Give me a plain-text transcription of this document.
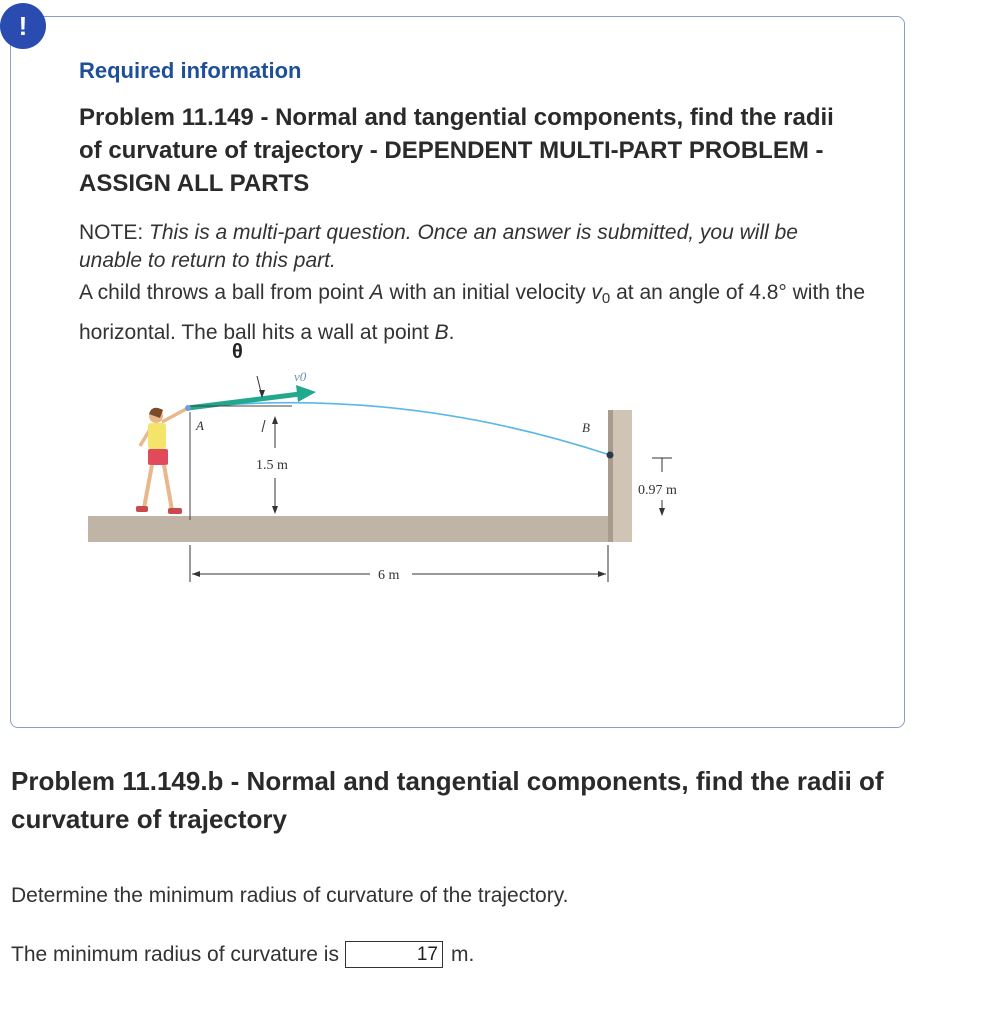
!
Required information
Problem 11.149 - Normal and tangential components, find the radii of curvature of trajectory - DEPENDENT MULTI-PART PROBLEM - ASSIGN ALL PARTS
NOTE: This is a multi-part question. Once an answer is submitted, you will be unable to return to this part.
A child throws a ball from point A with an initial velocity $v_0$ at an angle of 4.8° with the horizontal. The ball hits a wall at point B.
θ
v0
A	B
1.5 m
0.97 m
6 m
Problem 11.149.b - Normal and tangential components, find the radii of curvature of trajectory
Determine the minimum radius of curvature of the trajectory.
The minimum radius of curvature is
17	m.
